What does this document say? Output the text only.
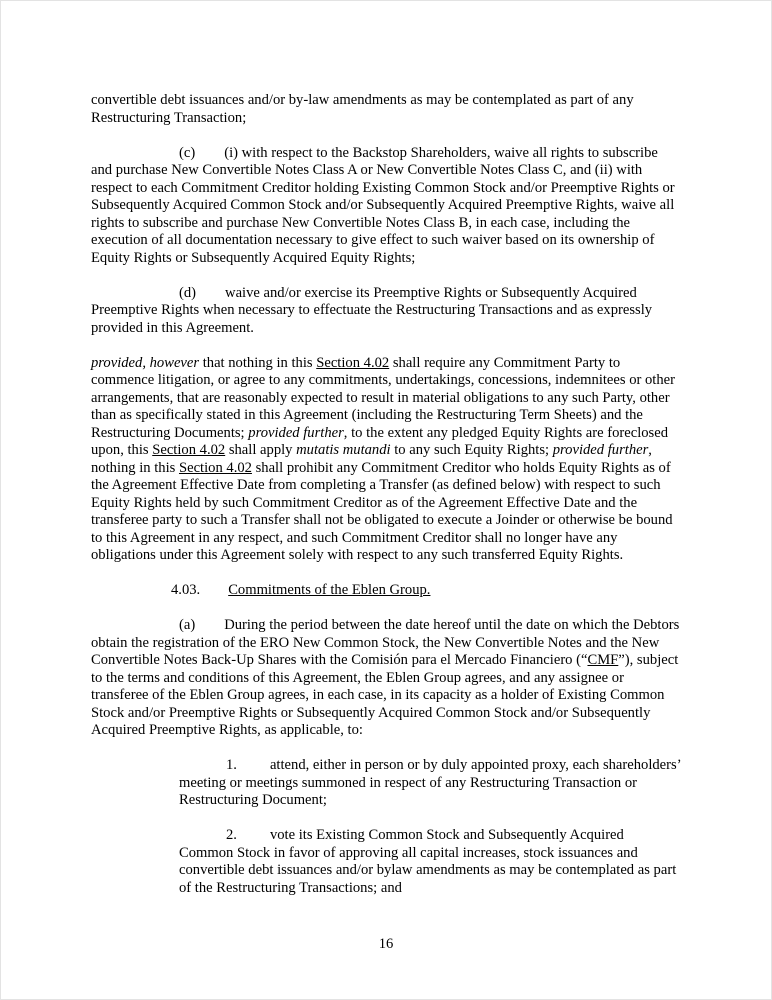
convertible debt issuances and/or by-law amendments as may be contemplated as part of any Restructuring Transaction;

(c) (i) with respect to the Backstop Shareholders, waive all rights to subscribe and purchase New Convertible Notes Class A or New Convertible Notes Class C, and (ii) with respect to each Commitment Creditor holding Existing Common Stock and/or Preemptive Rights or Subsequently Acquired Common Stock and/or Subsequently Acquired Preemptive Rights, waive all rights to subscribe and purchase New Convertible Notes Class B, in each case, including the execution of all documentation necessary to give effect to such waiver based on its ownership of Equity Rights or Subsequently Acquired Equity Rights;

(d) waive and/or exercise its Preemptive Rights or Subsequently Acquired Preemptive Rights when necessary to effectuate the Restructuring Transactions and as expressly provided in this Agreement.

provided, however that nothing in this Section 4.02 shall require any Commitment Party to commence litigation, or agree to any commitments, undertakings, concessions, indemnitees or other arrangements, that are reasonably expected to result in material obligations to any such Party, other than as specifically stated in this Agreement (including the Restructuring Term Sheets) and the Restructuring Documents; provided further, to the extent any pledged Equity Rights are foreclosed upon, this Section 4.02 shall apply mutatis mutandi to any such Equity Rights; provided further, nothing in this Section 4.02 shall prohibit any Commitment Creditor who holds Equity Rights as of the Agreement Effective Date from completing a Transfer (as defined below) with respect to such Equity Rights held by such Commitment Creditor as of the Agreement Effective Date and the transferee party to such a Transfer shall not be obligated to execute a Joinder or otherwise be bound to this Agreement in any respect, and such Commitment Creditor shall no longer have any obligations under this Agreement solely with respect to any such transferred Equity Rights.

4.03. Commitments of the Eblen Group.

(a) During the period between the date hereof until the date on which the Debtors obtain the registration of the ERO New Common Stock, the New Convertible Notes and the New Convertible Notes Back-Up Shares with the Comisión para el Mercado Financiero (“CMF”), subject to the terms and conditions of this Agreement, the Eblen Group agrees, and any assignee or transferee of the Eblen Group agrees, in each case, in its capacity as a holder of Existing Common Stock and/or Preemptive Rights or Subsequently Acquired Common Stock and/or Subsequently Acquired Preemptive Rights, as applicable, to:

1. attend, either in person or by duly appointed proxy, each shareholders’ meeting or meetings summoned in respect of any Restructuring Transaction or Restructuring Document;

2. vote its Existing Common Stock and Subsequently Acquired Common Stock in favor of approving all capital increases, stock issuances and convertible debt issuances and/or bylaw amendments as may be contemplated as part of the Restructuring Transactions; and

16
